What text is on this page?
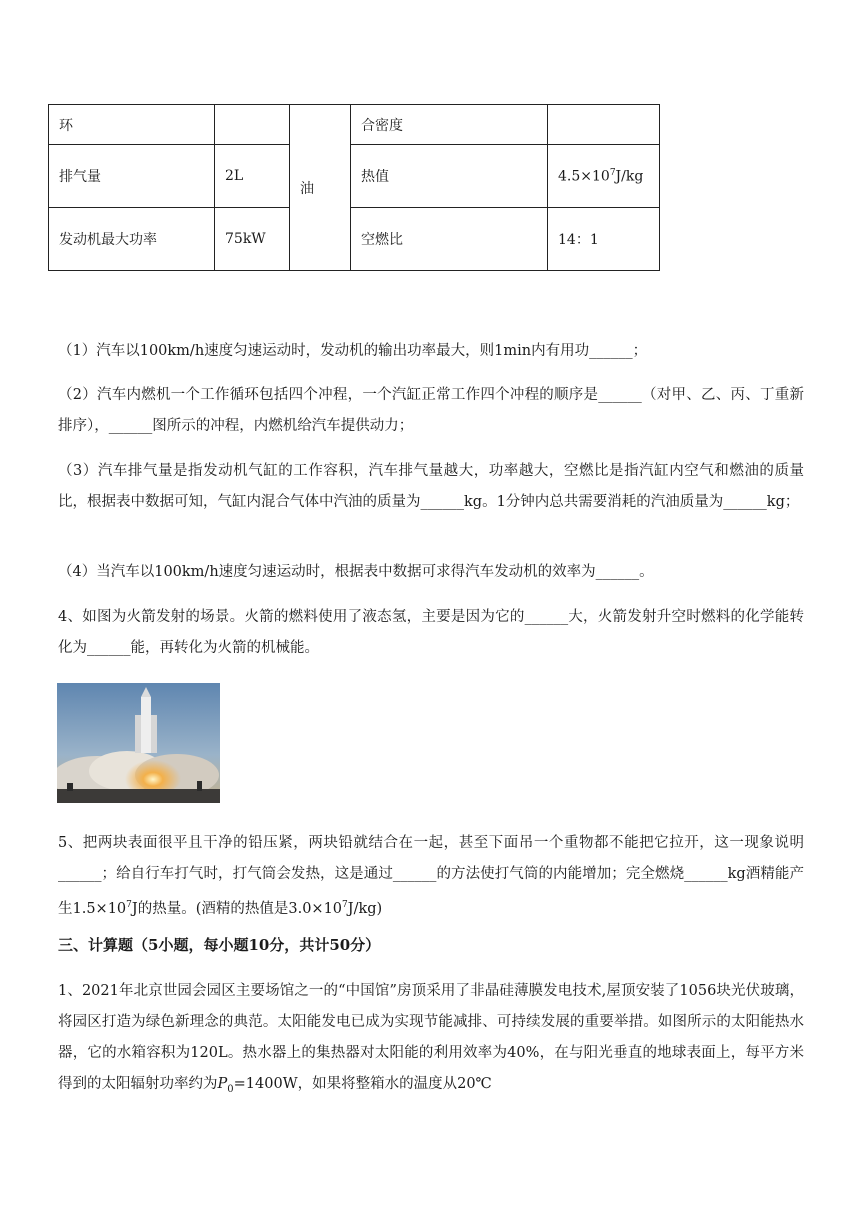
环		油	合密度	
排气量	2L		热值	$4.5\times 10^7J/kg$
发动机最大功率	75kW		空燃比	14：1
（1）汽车以100km/h速度匀速运动时，发动机的输出功率最大，则1min内有用功______；
（2）汽车内燃机一个工作循环包括四个冲程，一个汽缸正常工作四个冲程的顺序是______（对甲、乙、丙、丁重新排序），______图所示的冲程，内燃机给汽车提供动力；
（3）汽车排气量是指发动机气缸的工作容积，汽车排气量越大，功率越大，空燃比是指汽缸内空气和燃油的质量比，根据表中数据可知，气缸内混合气体中汽油的质量为______kg。1分钟内总共需要消耗的汽油质量为______kg；
（4）当汽车以100km/h速度匀速运动时，根据表中数据可求得汽车发动机的效率为______。
4、如图为火箭发射的场景。火箭的燃料使用了液态氢，主要是因为它的______大，火箭发射升空时燃料的化学能转化为______能，再转化为火箭的机械能。
5、把两块表面很平且干净的铅压紧，两块铅就结合在一起，甚至下面吊一个重物都不能把它拉开，这一现象说明______；给自行车打气时，打气筒会发热，这是通过______的方法使打气筒的内能增加；完全燃烧______kg酒精能产生$1.5\times 10^7J$的热量。(酒精的热值是$3.0\times 10^7J/kg$)
三、计算题（5小题，每小题10分，共计50分）
1、2021年北京世园会园区主要场馆之一的“中国馆”房顶采用了非晶硅薄膜发电技术,屋顶安装了1056块光伏玻璃，将园区打造为绿色新理念的典范。太阳能发电已成为实现节能减排、可持续发展的重要举措。如图所示的太阳能热水器，它的水箱容积为120L。热水器上的集热器对太阳能的利用效率为40%，在与阳光垂直的地球表面上，每平方米得到的太阳辐射功率约为$P_0=1400W$，如果将整箱水的温度从20℃
